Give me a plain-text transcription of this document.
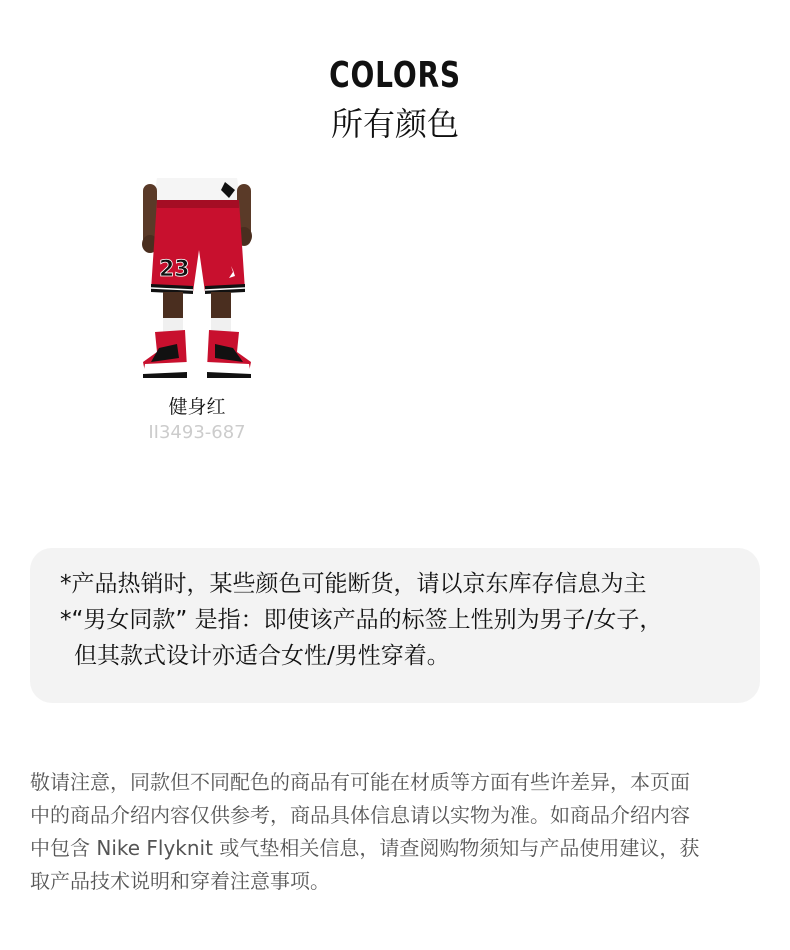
COLORS
所有颜色
23
健身红
II3493-687
*产品热销时，某些颜色可能断货，请以京东库存信息为主
*“男女同款” 是指：即使该产品的标签上性别为男子/女子，
但其款式设计亦适合女性/男性穿着。
敬请注意，同款但不同配色的商品有可能在材质等方面有些许差异，本页面
中的商品介绍内容仅供参考，商品具体信息请以实物为准。如商品介绍内容
中包含 Nike Flyknit 或气垫相关信息，请查阅购物须知与产品使用建议，获
取产品技术说明和穿着注意事项。
